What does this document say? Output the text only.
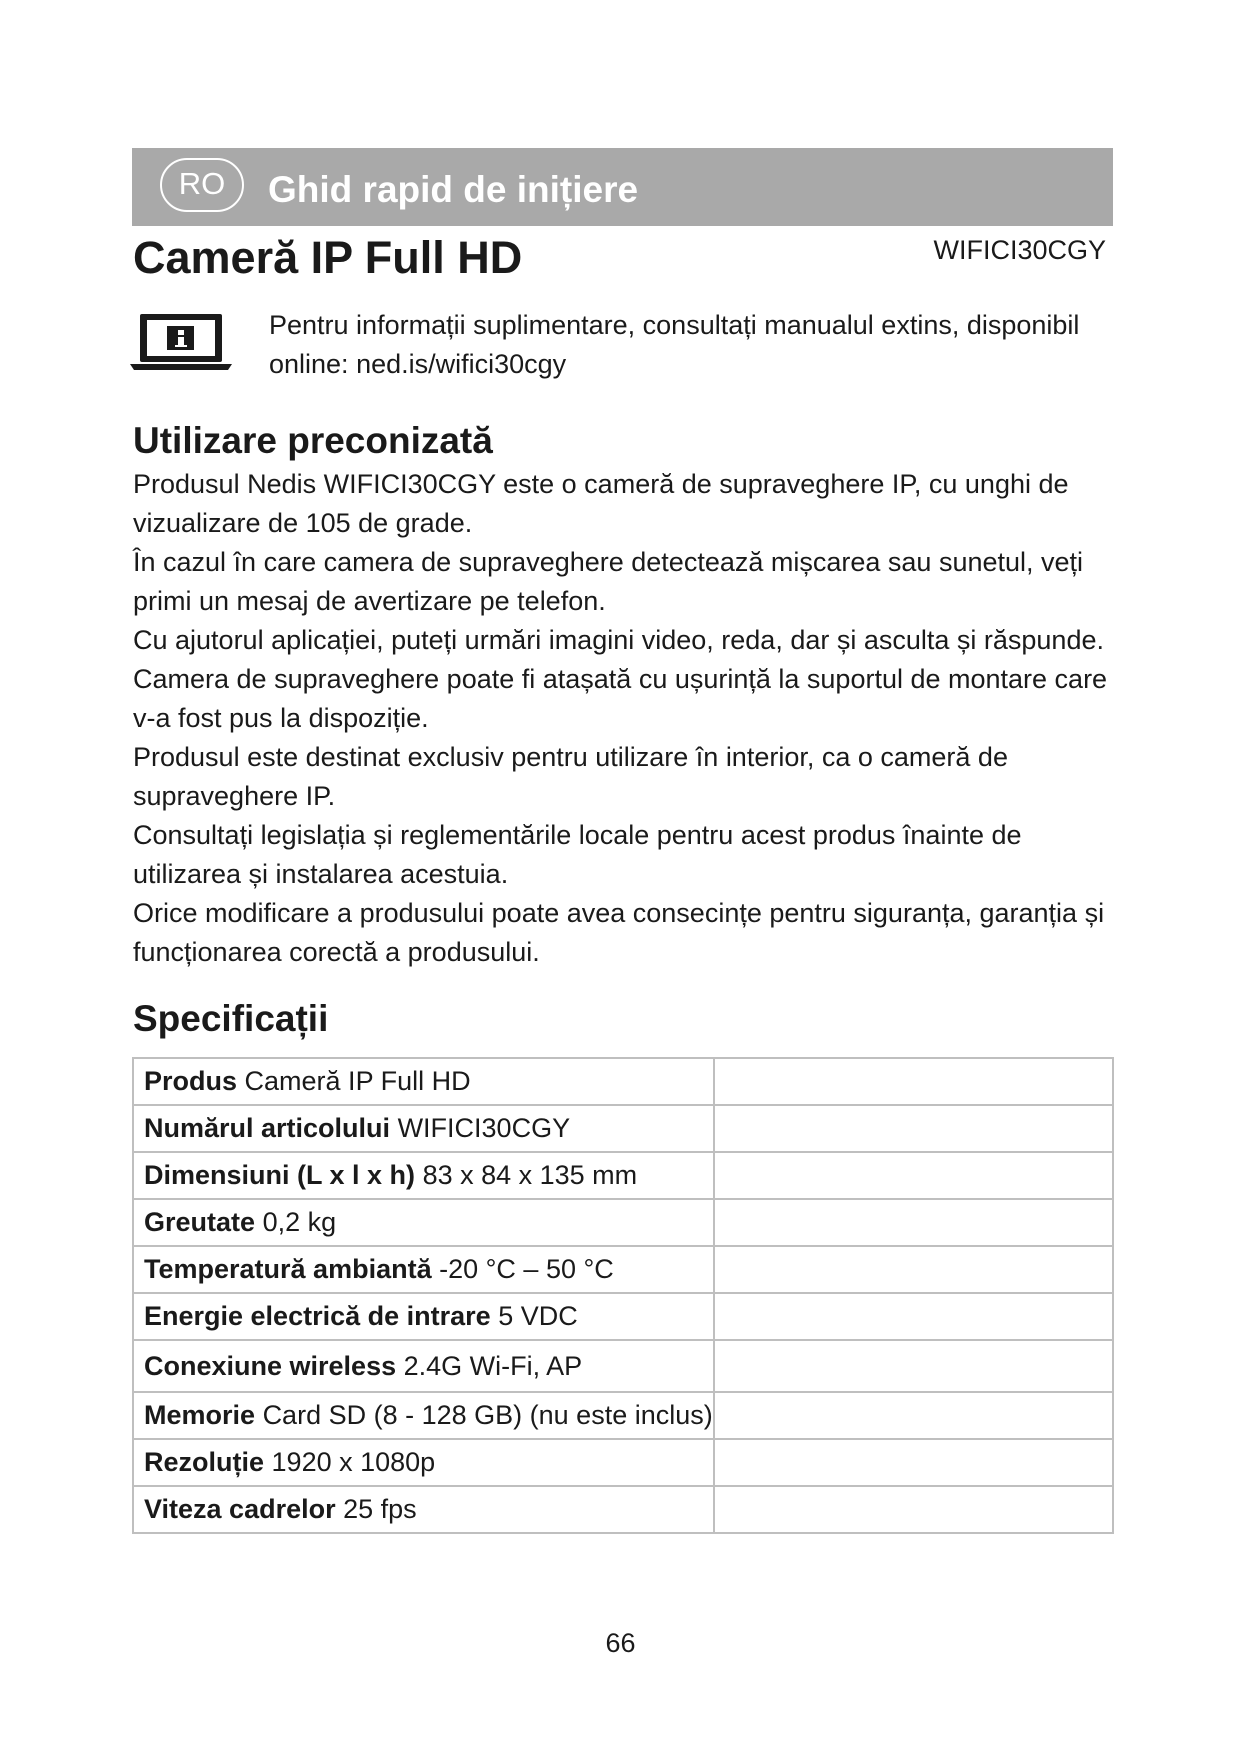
RO	Ghid rapid de inițiere
Cameră IP Full HD	WIFICI30CGY
Pentru informații suplimentare, consultați manualul extins, disponibil online: ned.is/wifici30cgy
Utilizare preconizată

Produsul Nedis WIFICI30CGY este o cameră de supraveghere IP, cu unghi de vizualizare de 105 de grade.

În cazul în care camera de supraveghere detectează mișcarea sau sunetul, veți primi un mesaj de avertizare pe telefon.

Cu ajutorul aplicației, puteți urmări imagini video, reda, dar și asculta și răspunde.

Camera de supraveghere poate fi atașată cu ușurință la suportul de montare care v-a fost pus la dispoziție.

Produsul este destinat exclusiv pentru utilizare în interior, ca o cameră de supraveghere IP.

Consultați legislația și reglementările locale pentru acest produs înainte de utilizarea și instalarea acestuia.

Orice modificare a produsului poate avea consecințe pentru siguranța, garanția și funcționarea corectă a produsului.

Specificații
Produs Cameră IP Full HD	
Numărul articolului WIFICI30CGY	
Dimensiuni (L x l x h) 83 x 84 x 135 mm	
Greutate 0,2 kg	
Temperatură ambiantă -20 °C – 50 °C	
Energie electrică de intrare 5 VDC	
Conexiune wireless 2.4G Wi-Fi, AP	
Memorie Card SD (8 - 128 GB) (nu este inclus)	
Rezoluție 1920 x 1080p	
Viteza cadrelor 25 fps	
66
